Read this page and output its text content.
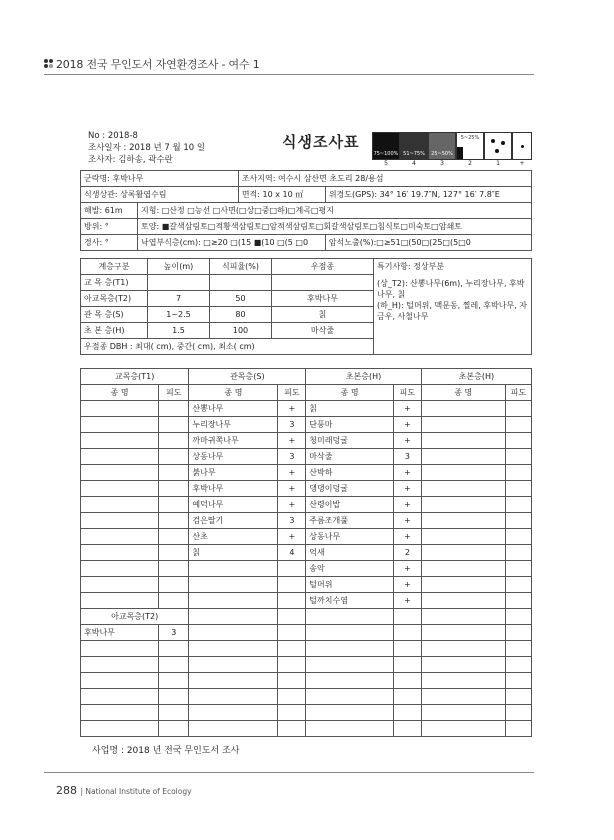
2018 전국 무인도서 자연환경조사 - 여수 1
No : 2018-8
조사일자 : 2018 년 7 월 10 일
조사자: 김하송, 곽수란
식생조사표
75~100%
5
51~75%
4
25~50%
3
5~25%
2	1	+
군락명: 후박나무		조사지역: 여수시 삼산면 초도리 28/용섬	
식생상관: 상록활엽수림		면적: 10 x 10 ㎡	위경도(GPS): 34° 16′ 19.7″N, 127° 16′ 7.8″E
해발: 61m	지형: □산정 □능선 □사면(□상□중□하)□계곡□평지		
방위: °	토양: ■갈색삼림토□적황색삼림토□암적색삼림토□회갈색삼림토□침식토□미숙토□암쇄토		
경사: °	낙엽부식층(cm): □≥20 □(15 ■(10 □(5 □0		암석노출(%):□≥51□(50□(25□(5□0
계층구분	높이(m)	식피율(%)	우점종	특기사항: 정상부분
(상_T2): 산뽕나무(6m), 누리장나무, 후박나무, 칡
(하_H): 털머위, 맥문동, 찔레, 후박나무, 자금우, 사철나무

교 목 층(T1)				
아교목층(T2)	7	50	후박나무	
관 목 층(S)	1~2.5	80	칡	
초 본 층(H)	1.5	100	마삭줄	
우점종 DBH : 최대( cm), 중간( cm), 최소( cm)				
교목층(T1)		관목층(S)		초본층(H)		초본층(H)	
종 명	피도	종 명	피도	종 명	피도	종 명	피도
		산뽕나무	+	칡	+		
		누리장나무	3	단풍마	+		
		까마귀쪽나무	+	청미래덩굴	+		
		상동나무	3	마삭줄	3		
		붉나무	+	산박하	+		
		후박나무	+	댕댕이덩굴	+		
		예덕나무	+	산령이밥	+		
		검은딸기	3	주름조개풀	+		
		산초	+	상동나무	+		
		칡	4	억새	2		
				송악	+		
				털머위	+		
				털까치수염	+		
아교목층(T2)							
후박나무	3						

사업명 : 2018 년 전국 무인도서 조사
288 | National Institute of Ecology
